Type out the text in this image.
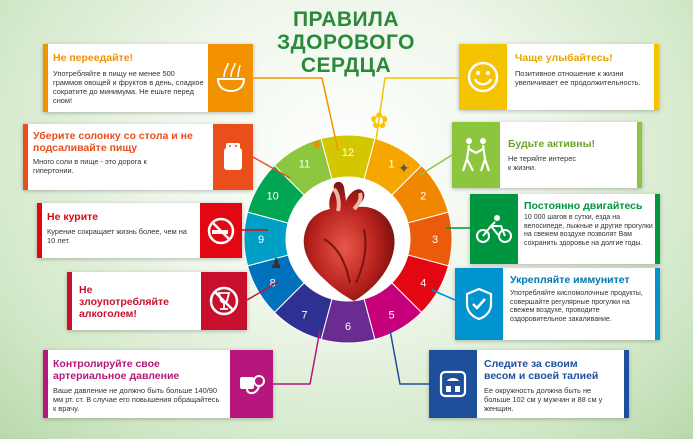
ПРАВИЛА
ЗДОРОВОГО
СЕРДЦА
1
2
3
4
5
6
7
8
9
10
11
12
Не переедайте!

Употребляйте в пищу не менее 500 граммов овощей и фруктов в день, сладкое сократите до минимума. Не ешьте перед сном!

Уберите солонку со стола и не подсаливайте пищу

Много соли в пище - это дорога к гипертонии.

Не курите

Курение сокращает жизнь более, чем на 10 лет.

Не злоупотребляйте алкоголем!
Контролируйте свое артериальное давление

Ваше давление не должно быть больше 140/90 мм рт. ст. В случае его повышения обращайтесь к врачу.

Чаще улыбайтесь!

Позитивное отношение к жизни увеличивает ее продолжительность.

Будьте активны!

Не теряйте интерес к жизни.

Постоянно двигайтесь

10 000 шагов в сутки, езда на велосипеде, лыжные и другие прогулки на свежем воздухе позволят Вам сохранить здоровье на долгие годы.

Укрепляйте иммунитет

Употребляйте кисломолочные продукты, совершайте регулярные прогулки на свежем воздухе, проводите оздоровительное закаливание.

Следите за своим весом и своей талией

Ее окружность должна быть не больше 102 см у мужчин и 88 см у женщин.

●
✿
✦
♟
